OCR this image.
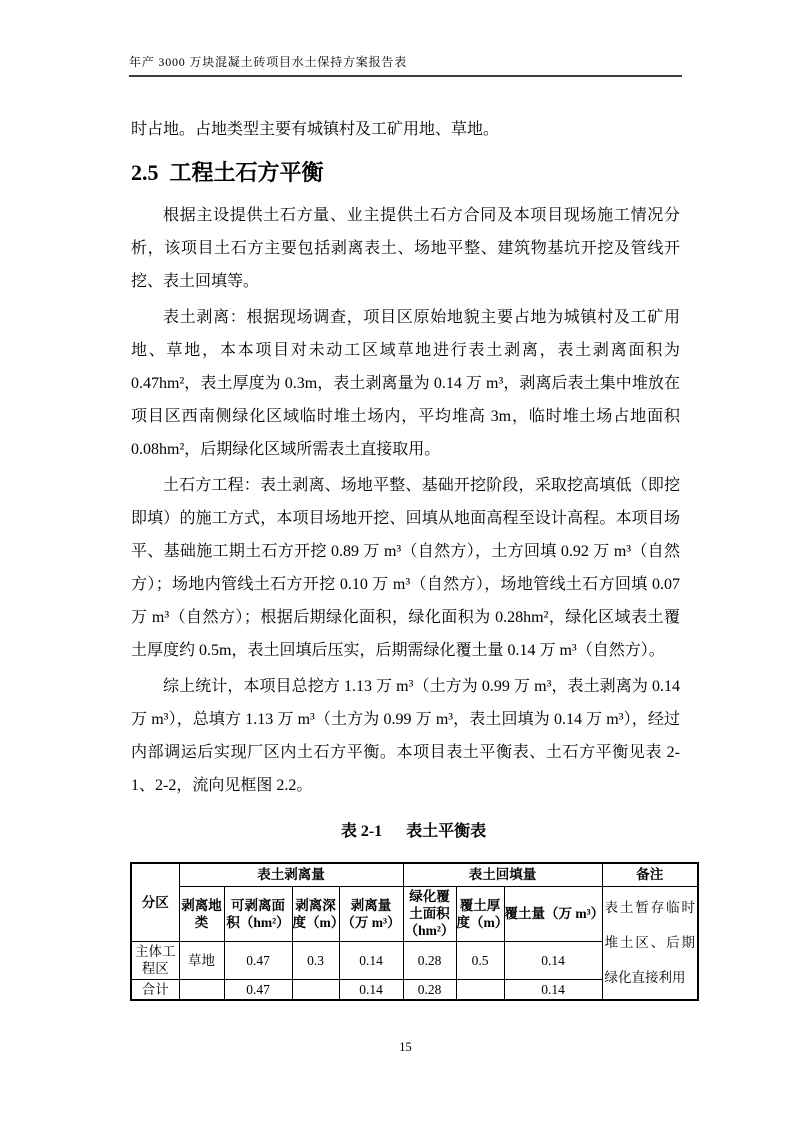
年产 3000 万块混凝土砖项目水土保持方案报告表

时占地。占地类型主要有城镇村及工矿用地、草地。

2.5  工程土石方平衡

根据主设提供土石方量、业主提供土石方合同及本项目现场施工情况分析，该项目土石方主要包括剥离表土、场地平整、建筑物基坑开挖及管线开挖、表土回填等。

表土剥离：根据现场调查，项目区原始地貌主要占地为城镇村及工矿用地、草地，本本项目对未动工区域草地进行表土剥离，表土剥离面积为 0.47hm²，表土厚度为 0.3m，表土剥离量为 0.14 万 m³，剥离后表土集中堆放在项目区西南侧绿化区域临时堆土场内，平均堆高 3m，临时堆土场占地面积 0.08hm²，后期绿化区域所需表土直接取用。

土石方工程：表土剥离、场地平整、基础开挖阶段，采取挖高填低（即挖即填）的施工方式，本项目场地开挖、回填从地面高程至设计高程。本项目场平、基础施工期土石方开挖 0.89 万 m³（自然方），土方回填 0.92 万 m³（自然方）；场地内管线土石方开挖 0.10 万 m³（自然方），场地管线土石方回填 0.07 万 m³（自然方）；根据后期绿化面积，绿化面积为 0.28hm²，绿化区域表土覆土厚度约 0.5m，表土回填后压实，后期需绿化覆土量 0.14 万 m³（自然方）。

综上统计，本项目总挖方 1.13 万 m³（土方为 0.99 万 m³，表土剥离为 0.14 万 m³），总填方 1.13 万 m³（土方为 0.99 万 m³，表土回填为 0.14 万 m³），经过内部调运后实现厂区内土石方平衡。本项目表土平衡表、土石方平衡见表 2-1、2-2，流向见框图 2.2。

表 2-1 表土平衡表
分区	表土剥离量				表土回填量			备注
	剥离地类	可剥离面积（hm²）	剥离深度（m）	剥离量（万 m³）	绿化覆土面积（hm²）	覆土厚度（m）	覆土量（万 m³）	表土暂存临时堆土区、后期绿化直接利用
主体工程区	草地	0.47	0.3	0.14	0.28	0.5	0.14	
合计		0.47		0.14	0.28		0.14	
15
